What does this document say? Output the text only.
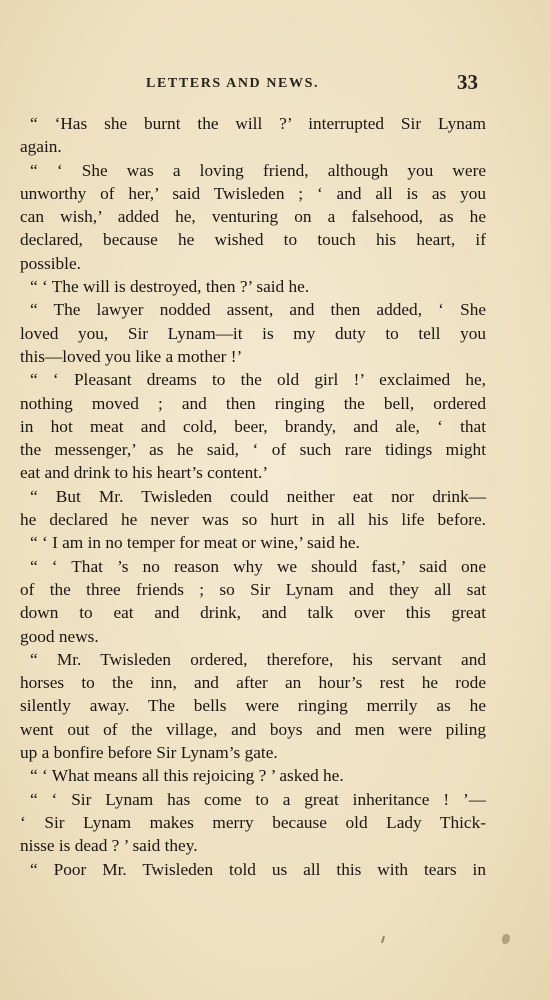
LETTERS AND NEWS.	33
“ ‘Has she burnt the will ?’ interrupted Sir Lynam
again.
“ ‘ She was a loving friend, although you were
unworthy of her,’ said Twisleden ; ‘ and all is as you
can wish,’ added he, venturing on a falsehood, as he
declared, because he wished to touch his heart, if
possible.
“ ‘ The will is destroyed, then ?’ said he.
“ The lawyer nodded assent, and then added, ‘ She
loved you, Sir Lynam—it is my duty to tell you
this—loved you like a mother !’
“ ‘ Pleasant dreams to the old girl !’ exclaimed he,
nothing moved ; and then ringing the bell, ordered
in hot meat and cold, beer, brandy, and ale, ‘ that
the messenger,’ as he said, ‘ of such rare tidings might
eat and drink to his heart’s content.’
“ But Mr. Twisleden could neither eat nor drink—
he declared he never was so hurt in all his life before.
“ ‘ I am in no temper for meat or wine,’ said he.
“ ‘ That ’s no reason why we should fast,’ said one
of the three friends ; so Sir Lynam and they all sat
down to eat and drink, and talk over this great
good news.
“ Mr. Twisleden ordered, therefore, his servant and
horses to the inn, and after an hour’s rest he rode
silently away. The bells were ringing merrily as he
went out of the village, and boys and men were piling
up a bonfire before Sir Lynam’s gate.
“ ‘ What means all this rejoicing ? ’ asked he.
“ ‘ Sir Lynam has come to a great inheritance ! ’—
‘ Sir Lynam makes merry because old Lady Thick-
nisse is dead ? ’ said they.
“ Poor Mr. Twisleden told us all this with tears in
